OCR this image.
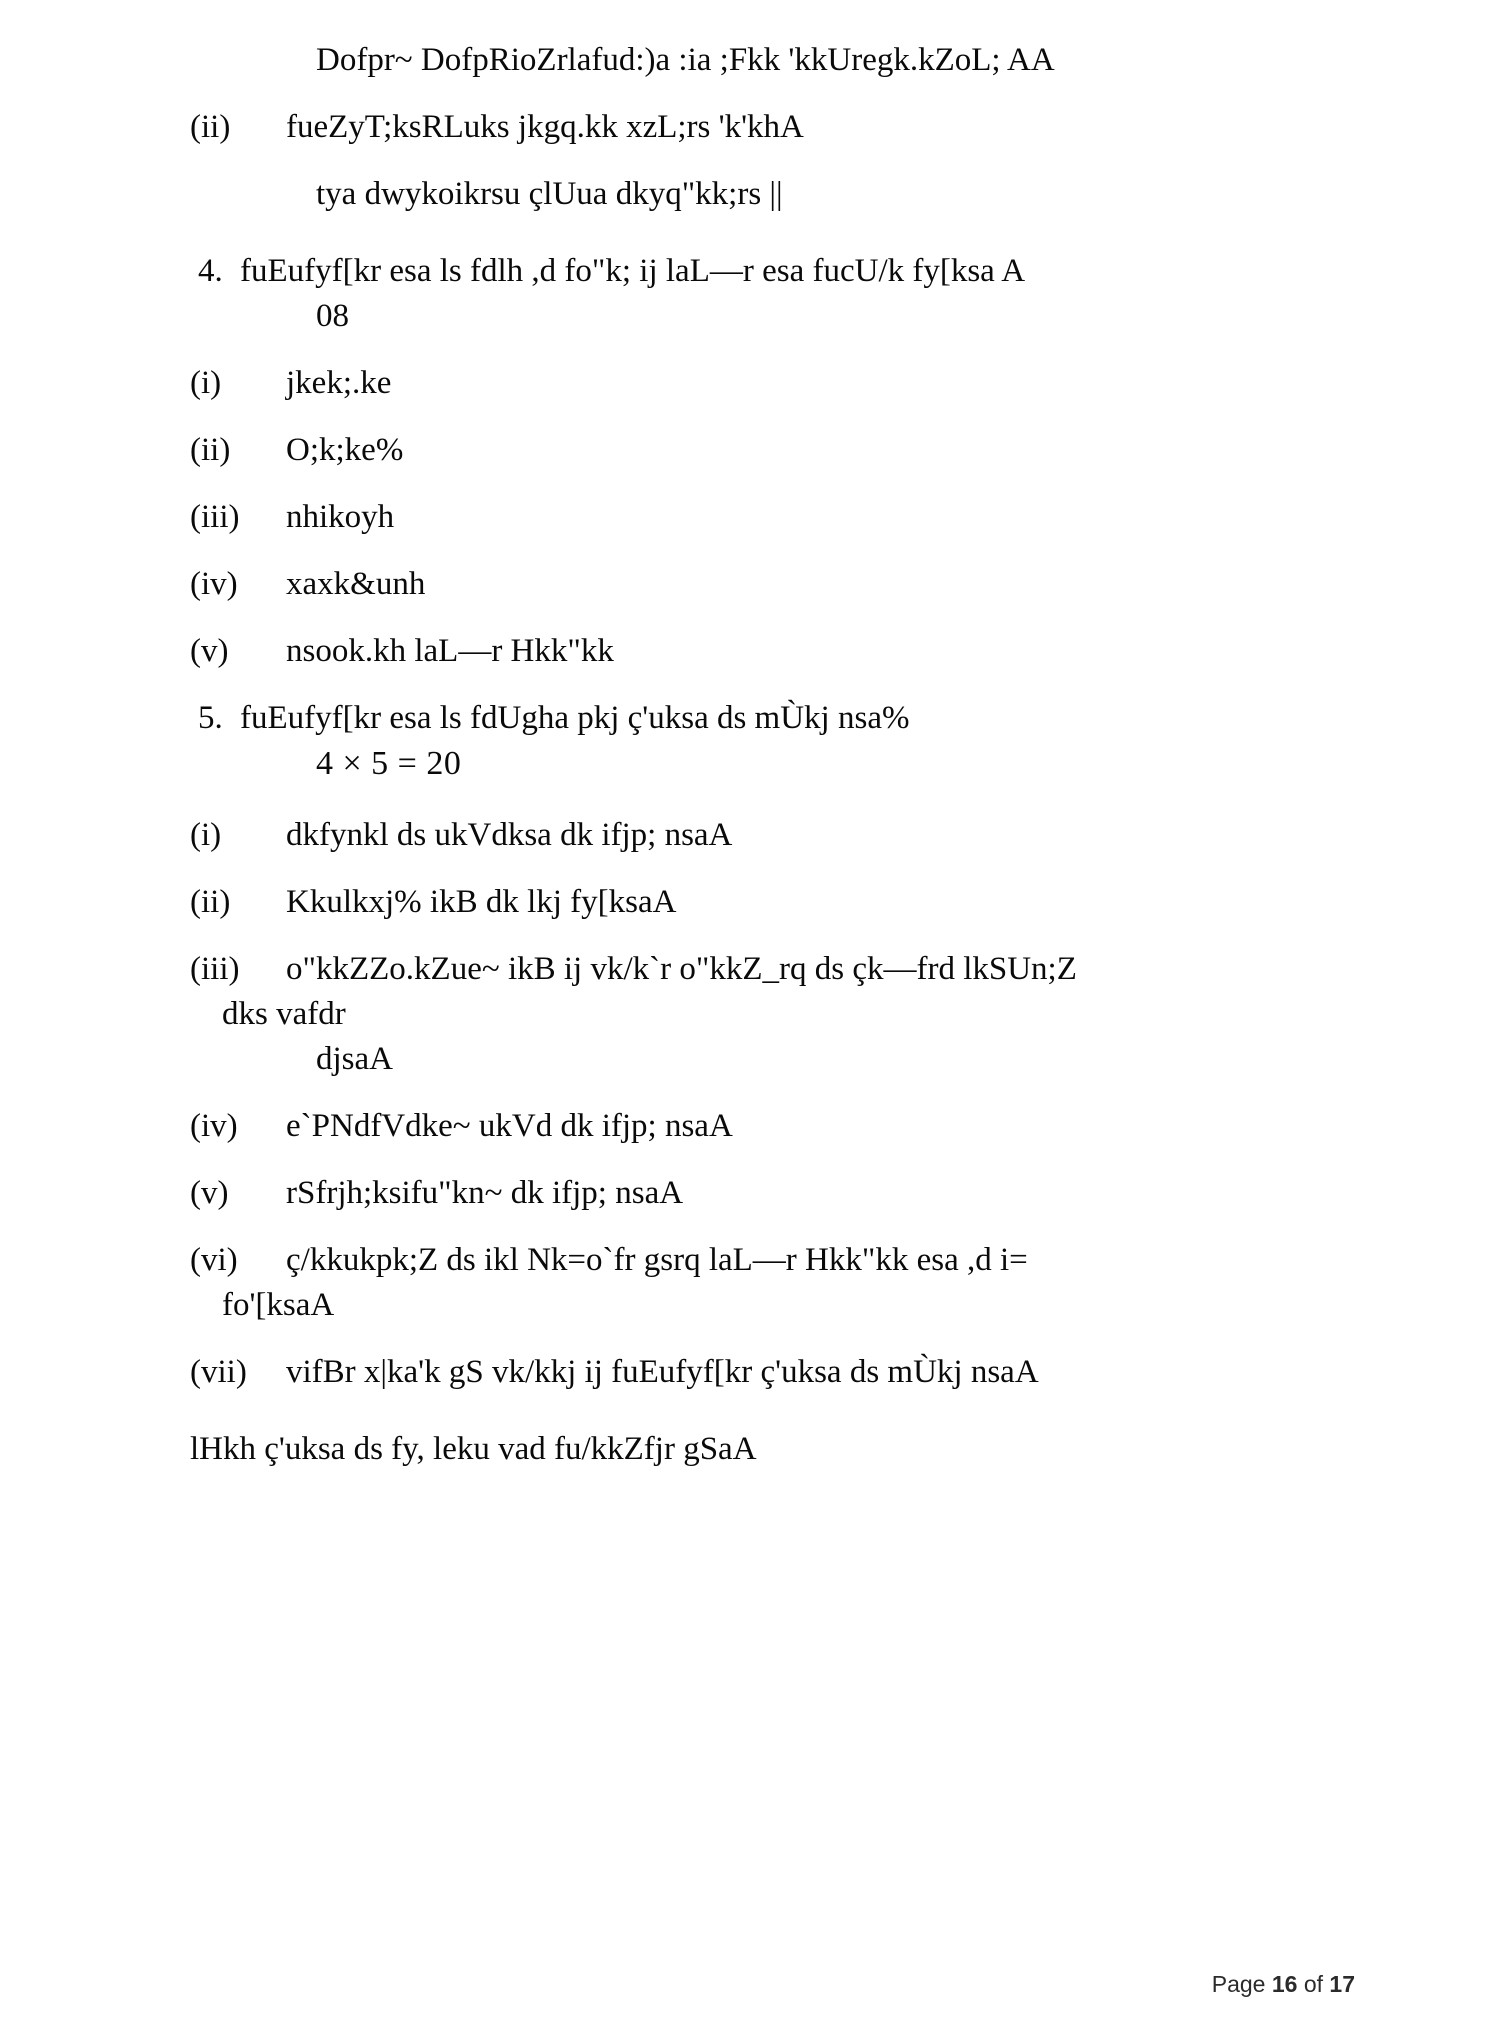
Dofpr~ DofpRioZrlafud:)a :ia ;Fkk 'kkUregk.kZoL; AA
(ii)	fueZyT;ksRLuks jkgq.kk xzL;rs 'k'khA
tya dwykoikrsu çlUua dkyq"kk;rs ||
4. fuEufyf[kr esa ls fdlh ,d fo"k; ij laL—r esa fucU/k fy[ksa A
08
(i)	jkek;.ke
(ii)	O;k;ke%
(iii)	nhikoyh
(iv)	xaxk&unh
(v)	nsook.kh laL—r Hkk"kk
5. fuEufyf[kr esa ls fdUgha pkj ç'uksa ds mÙkj nsa%
4 × 5 = 20
(i)	dkfynkl ds ukVdksa dk ifjp; nsaA
(ii)	Kkulkxj% ikB dk lkj fy[ksaA
(iii)	o"kkZZo.kZue~ ikB ij vk/k`r o"kkZ_rq ds çk—frd lkSUn;Z
dks vafdr
djsaA
(iv)	e`PNdfVdke~ ukVd dk ifjp; nsaA
(v)	rSfrjh;ksifu"kn~ dk ifjp; nsaA
(vi)	ç/kkukpk;Z ds ikl Nk=o`fr gsrq laL—r Hkk"kk esa ,d i=
fo'[ksaA
(vii)	vifBr x|ka'k gS vk/kkj ij fuEufyf[kr ç'uksa ds mÙkj nsaA
lHkh ç'uksa ds fy, leku vad fu/kkZfjr gSaA
Page 16 of 17
